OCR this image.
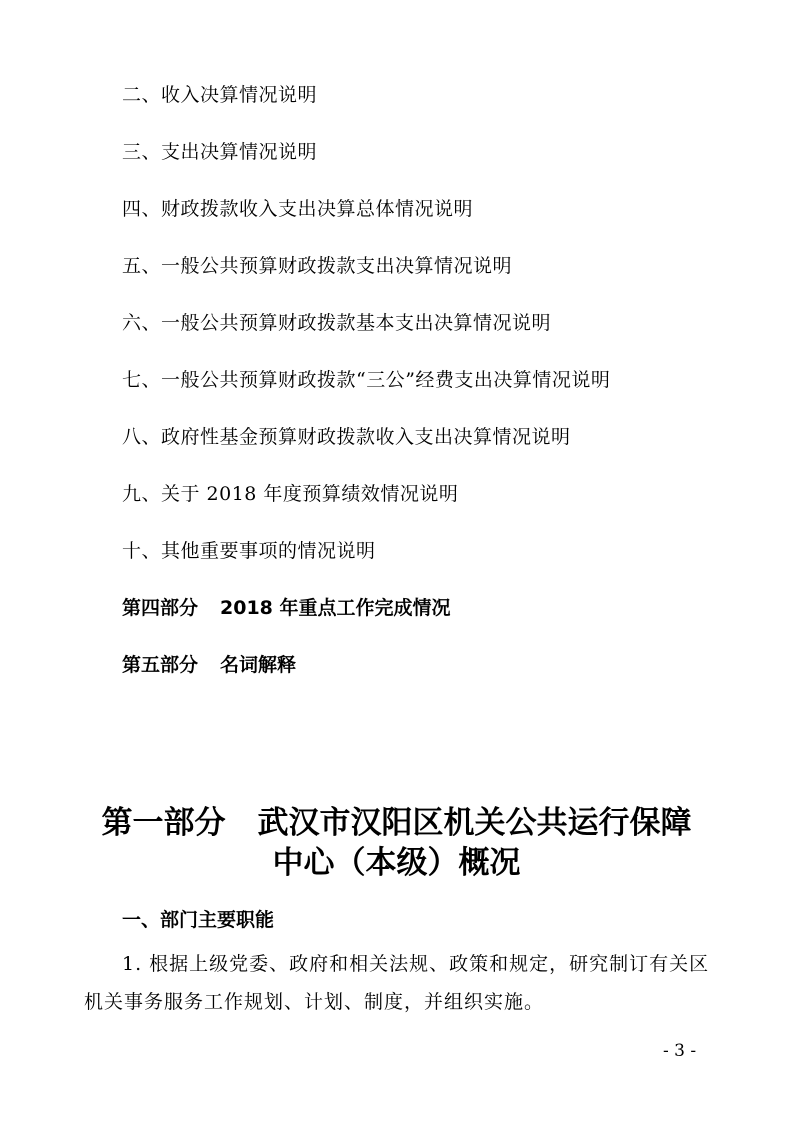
二、收入决算情况说明
三、支出决算情况说明
四、财政拨款收入支出决算总体情况说明
五、一般公共预算财政拨款支出决算情况说明
六、一般公共预算财政拨款基本支出决算情况说明
七、一般公共预算财政拨款“三公”经费支出决算情况说明
八、政府性基金预算财政拨款收入支出决算情况说明
九、关于 2018 年度预算绩效情况说明
十、其他重要事项的情况说明
第四部分 2018 年重点工作完成情况
第五部分 名词解释
第一部分 武汉市汉阳区机关公共运行保障
中心（本级）概况
一、部门主要职能
1. 根据上级党委、政府和相关法规、政策和规定，研究制订有关区机关事务服务工作规划、计划、制度，并组织实施。
- 3 -
